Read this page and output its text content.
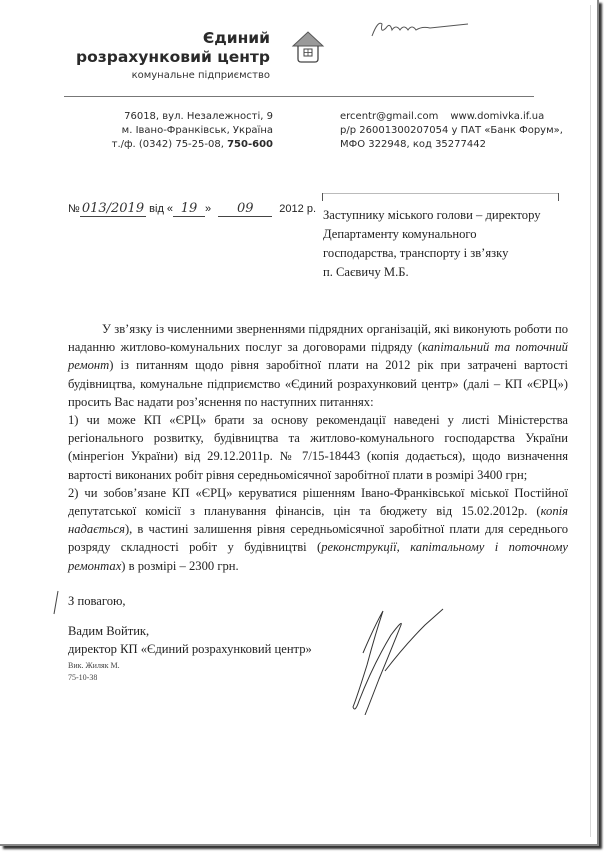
Єдиний
розрахунковий центр
комунальне підприємство
76018, вул. Незалежності, 9
м. Івано-Франківськ, Україна
т./ф. (0342) 75-25-08, 750-600
ercentr@gmail.com www.domivka.if.ua
р/р 26001300207054 у ПАТ «Банк Форум»,
МФО 322948, код 35277442
№ 013/2019 від « 19 » 09 2012 р. Заступнику міського голови – директору
Департаменту комунального
господарства, транспорту і зв’язку
п. Саєвичу М.Б.

У зв’язку із численними зверненнями підрядних організацій, які виконують роботи по наданню житлово-комунальних послуг за договорами підряду (капітальний та поточний ремонт) із питанням щодо рівня заробітної плати на 2012 рік при затрачені вартості будівництва, комунальне підприємство «Єдиний розрахунковий центр» (далі – КП «ЄРЦ») просить Вас надати роз’яснення по наступних питаннях:

1) чи може КП «ЄРЦ» брати за основу рекомендації наведені у листі Міністерства регіонального розвитку, будівництва та житлово-комунального господарства України (мінрегіон України) від 29.12.2011р. № 7/15-18443 (копія додається), щодо визначення вартості виконаних робіт рівня середньомісячної заробітної плати в розмірі 3400 грн;

2) чи зобов’язане КП «ЄРЦ» керуватися рішенням Івано-Франківської міської Постійної депутатської комісії з планування фінансів, цін та бюджету від 15.02.2012р. (копія надається), в частині залишення рівня середньомісячної заробітної плати для середнього розряду складності робіт у будівництві (реконструкції, капітальному і поточному ремонтах) в розмірі – 2300 грн.

З повагою,
Вадим Войтик,
директор КП «Єдиний розрахунковий центр»
Вик. Жиляк М.
75-10-38
